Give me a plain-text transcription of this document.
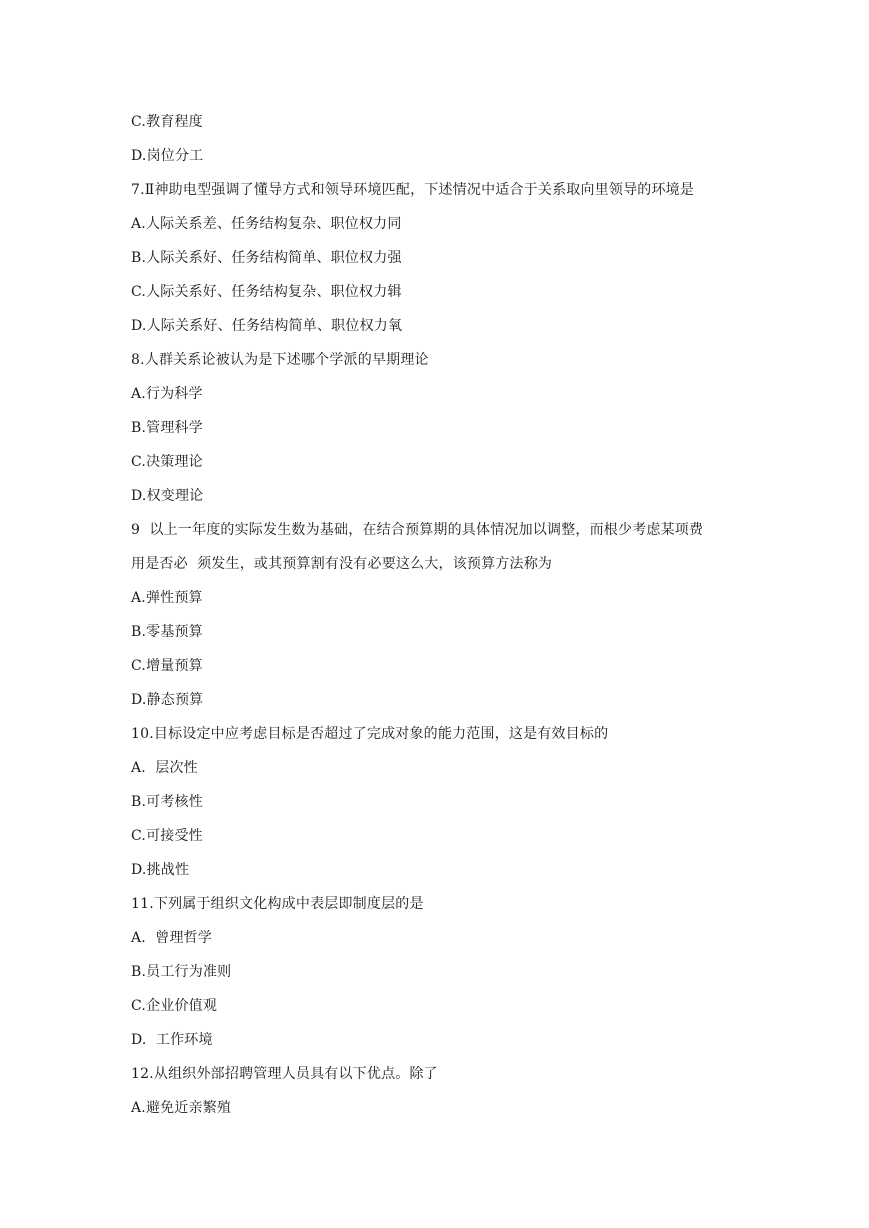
C.教育程度
D.岗位分工
7.Ⅱ神助电型强调了懂导方式和领导环境匹配，下述情况中适合于关系取向里领导的环境是
A.人际关系差、任务结构复杂、职位权力同
B.人际关系好、任务结构简单、职位权力强
C.人际关系好、任务结构复杂、职位权力辑
D.人际关系好、任务结构简单、职位权力氧
8.人群关系论被认为是下述哪个学派的早期理论
A.行为科学
B.管理科学
C.决策理论
D.权变理论
9  以上一年度的实际发生数为基础，在结合预算期的具体情况加以调整，而根少考虑某项费
用是否必  须发生，或其预算割有没有必要这么大，该预算方法称为
A.弹性预算
B.零基预算
C.增量预算
D.静态预算
10.目标设定中应考虑目标是否超过了完成对象的能力范围，这是有效目标的
A.  层次性
B.可考核性
C.可接受性
D.挑战性
11.下列属于组织文化构成中表层即制度层的是
A.  曾理哲学
B.员工行为准则
C.企业价值观
D.  工作环境
12.从组织外部招聘管理人员具有以下优点。除了
A.避免近亲繁殖
